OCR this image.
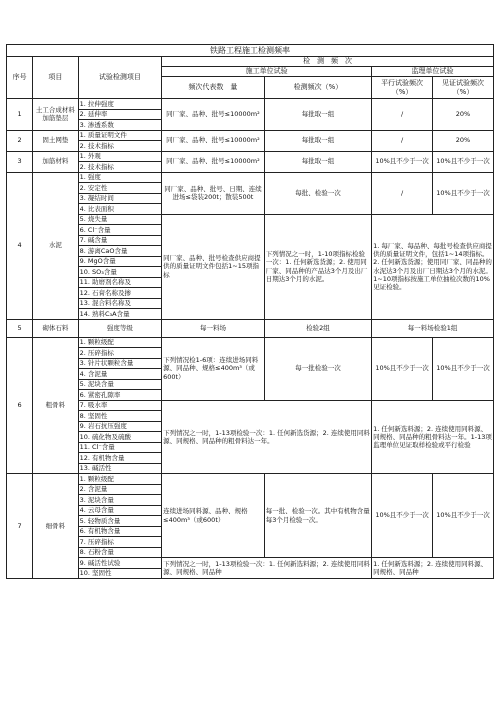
铁路工程施工检测频率						
序号	项目	试验检测项目	检　测　频　次			
			施工单位试验		监理单位试验	
			频次代表数　量	检测频次（%）	平行试验频次（%）	见证试验频次（%）
1	土工合成材料加筋垫层	1. 拉伸强度	同厂家、品种、批号≤10000m²	每批取一组	/	20%
		2. 延伸率				
		3. 渗透系数				
2	固土网垫	1. 质量证明文件	同厂家、品种、批号≤10000m²	每批取一组	/	20%
		2. 技术指标				
3	加筋材料	1. 外观	同厂家、品种、批号≤10000m²	每批取一组	10%且不少于一次	10%且不少于一次
		2. 技术指标				
4	水泥	1. 强度	同厂家、品种、批号、日期、连续进场≤袋装200t；散装500t	每批、检验一次	/	10%且不少于一次
		2. 安定性				
		3. 凝结时间				
		4. 比表面积				
		5. 烧失量	同厂家、品种、批号检查供应商提供的质量证明文件包括1~15项指标	下列情况之一时，1-10项指标检验一次：1. 任何新选货源；2. 使用同厂家、同品种的产品达3个月及出厂日期达3个月的水泥。	1. 每厂家、每品种、每批号检查供应商提供的质量证明文件，包括1~14项指标。2. 任何新选货源；使用同厂家、同品种的水泥达3个月及出厂日期达3个月的水泥。1~10项指标按施工单位抽检次数的10%见证检验。	
		6. Cl⁻含量				
		7. 碱含量				
		8. 游离CaO含量				
		9. MgO含量				
		10. SO₃含量				
		11. 助磨剂名称及				
		12. 石膏名称及掺				
		13. 混合料名称及				
		14. 熟料C₃A含量				
5	砌体石料	强度等级	每一料场	检验2组	每一料场检验1组	
6	粗骨料	1. 颗粒级配	下列情况检1-6项：连续进场同料源、同品种、规格≤400m³（或600t）	每一批检验一次	10%且不少于一次	10%且不少于一次
		2. 压碎指标				
		3. 针片状颗粒含量				
		4. 含泥量				
		5. 泥块含量				
		6. 紧密孔隙率				
		7. 吸水率	下列情况之一时，1-13项检验一次：1. 任何新选货源；2. 连续使用同料源、同规格、同品种的粗骨料达一年。		1. 任何新选料源；2. 连续使用同料源、同规格、同品种的粗骨料达一年。1-13项 监理单位见证取样检验或平行检验	
		8. 坚固性				
		9. 岩石抗压强度				
		10. 硫化物及硫酸				
		11. Cl⁻含量				
		12. 有机物含量				
		13. 碱活性				
7	细骨料	1. 颗粒级配	连续进场同料源、品种、规格≤400m³（或600t）	每一批、检验一次。其中有机物含量每3个月检验一次。	10%且不少于一次	10%且不少于一次
		2. 含泥量				
		3. 泥块含量				
		4. 云母含量				
		5. 轻物质含量				
		6. 有机物含量				
		7. 压碎指标				
		8. 石粉含量				
		9. 碱活性试验	下列情况之一时，1-13项检验一次：1. 任何新选料源；2. 连续使用同料源、同规格、同品种		1. 任何新选料源；2. 连续使用同料源、同规格、同品种	
		10. 坚固性				
